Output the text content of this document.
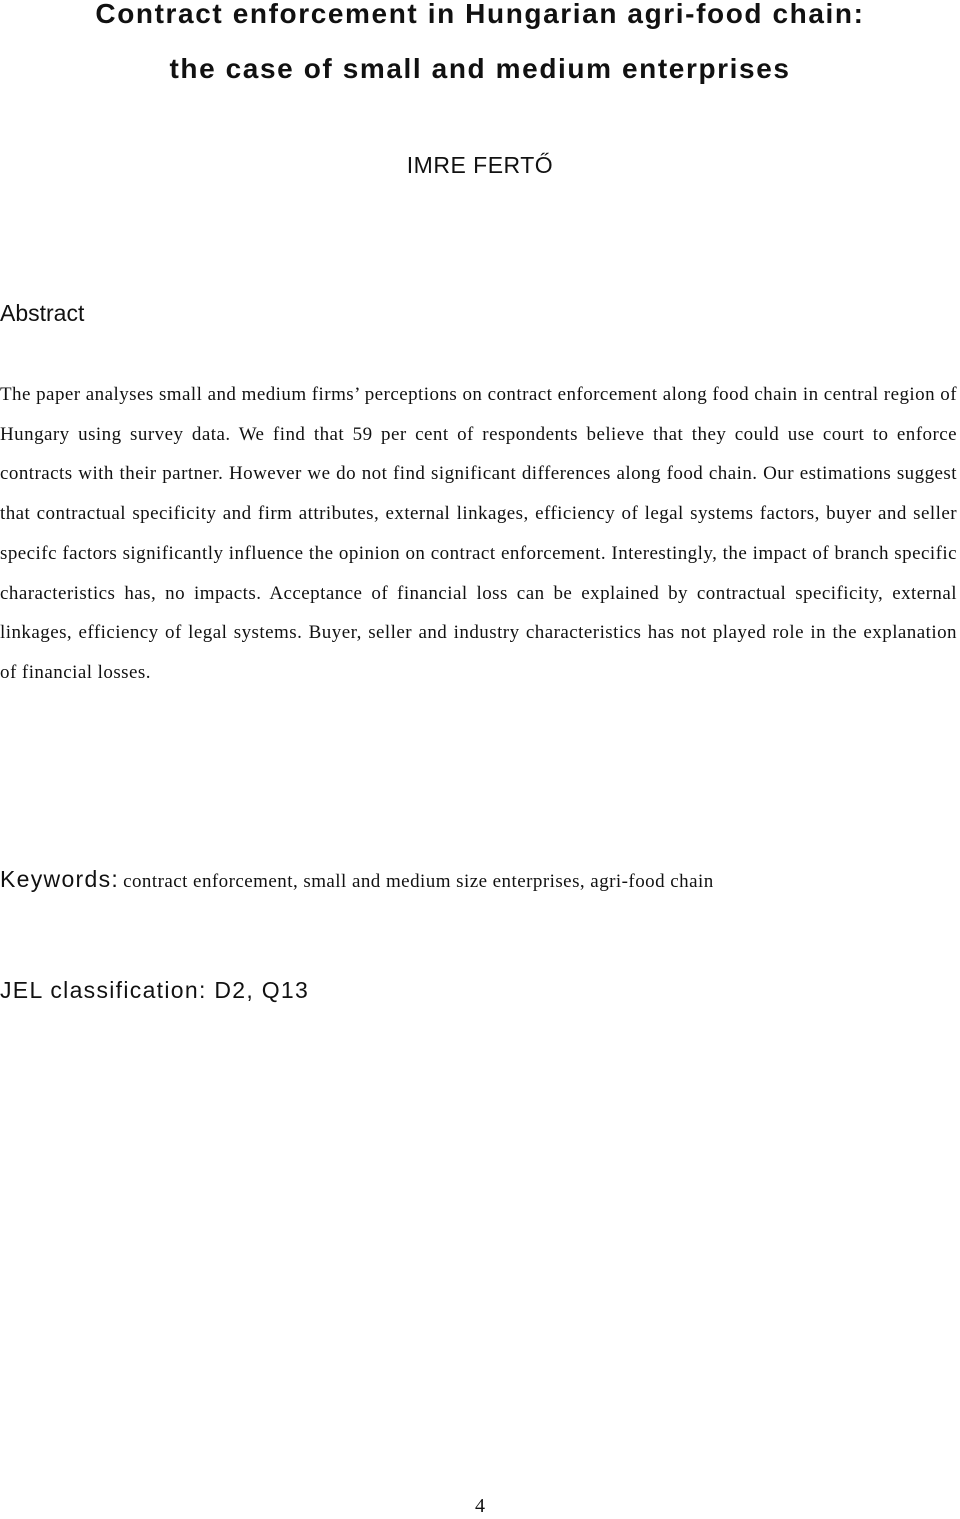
Contract enforcement in Hungarian agri-food chain:
the case of small and medium enterprises
IMRE FERTŐ
Abstract

The paper analyses small and medium firms’ perceptions on contract enforcement along food chain in central region of Hungary using survey data. We find that 59 per cent of respondents believe that they could use court to enforce contracts with their partner. However we do not find significant differences along food chain. Our estimations suggest that contractual specificity and firm attributes, external linkages, efficiency of legal systems factors, buyer and seller specifc factors significantly influence the opinion on contract enforcement. Interestingly, the impact of branch specific characteristics has, no impacts. Acceptance of financial loss can be explained by contractual specificity, external linkages, efficiency of legal systems. Buyer, seller and industry characteristics has not played role in the explanation of financial losses.

Keywords: contract enforcement, small and medium size enterprises, agri-food chain
JEL classification: D2, Q13
4
